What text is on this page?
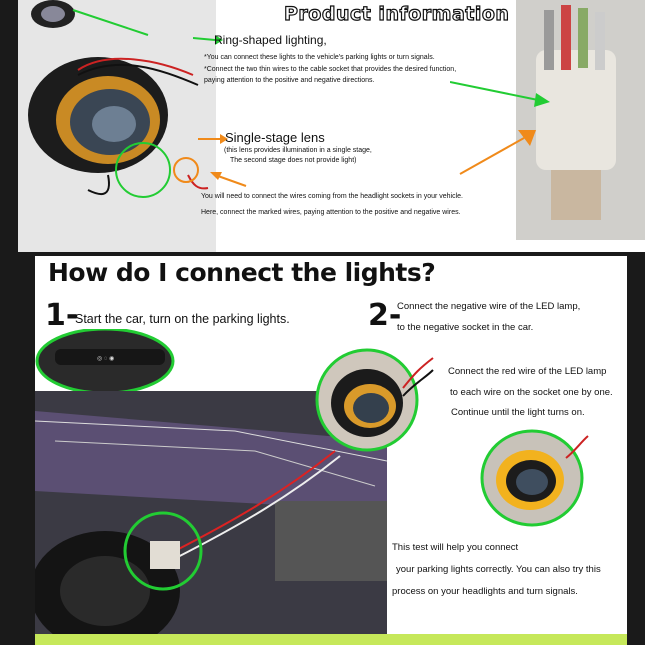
Product information
Ring-shaped lighting,
*You can connect these lights to the vehicle's parking lights or turn signals.
*Connect the two thin wires to the cable socket that provides the desired function,
paying attention to the positive and negative directions.
Single-stage lens
(this lens provides illumination in a single stage,
The second stage does not provide light)
You will need to connect the wires coming from the headlight sockets in your vehicle.
Here, connect the marked wires, paying attention to the positive and negative wires.
How do I connect the lights?
1-
Start the car, turn on the parking lights.	2-
Connect the negative wire of the LED lamp,
to the negative socket in the car.
◎ ◌ ◉
Connect the red wire of the LED lamp
to each wire on the socket one by one.
Continue until the light turns on.
This test will help you connect
your parking lights correctly. You can also try this
process on your headlights and turn signals.
